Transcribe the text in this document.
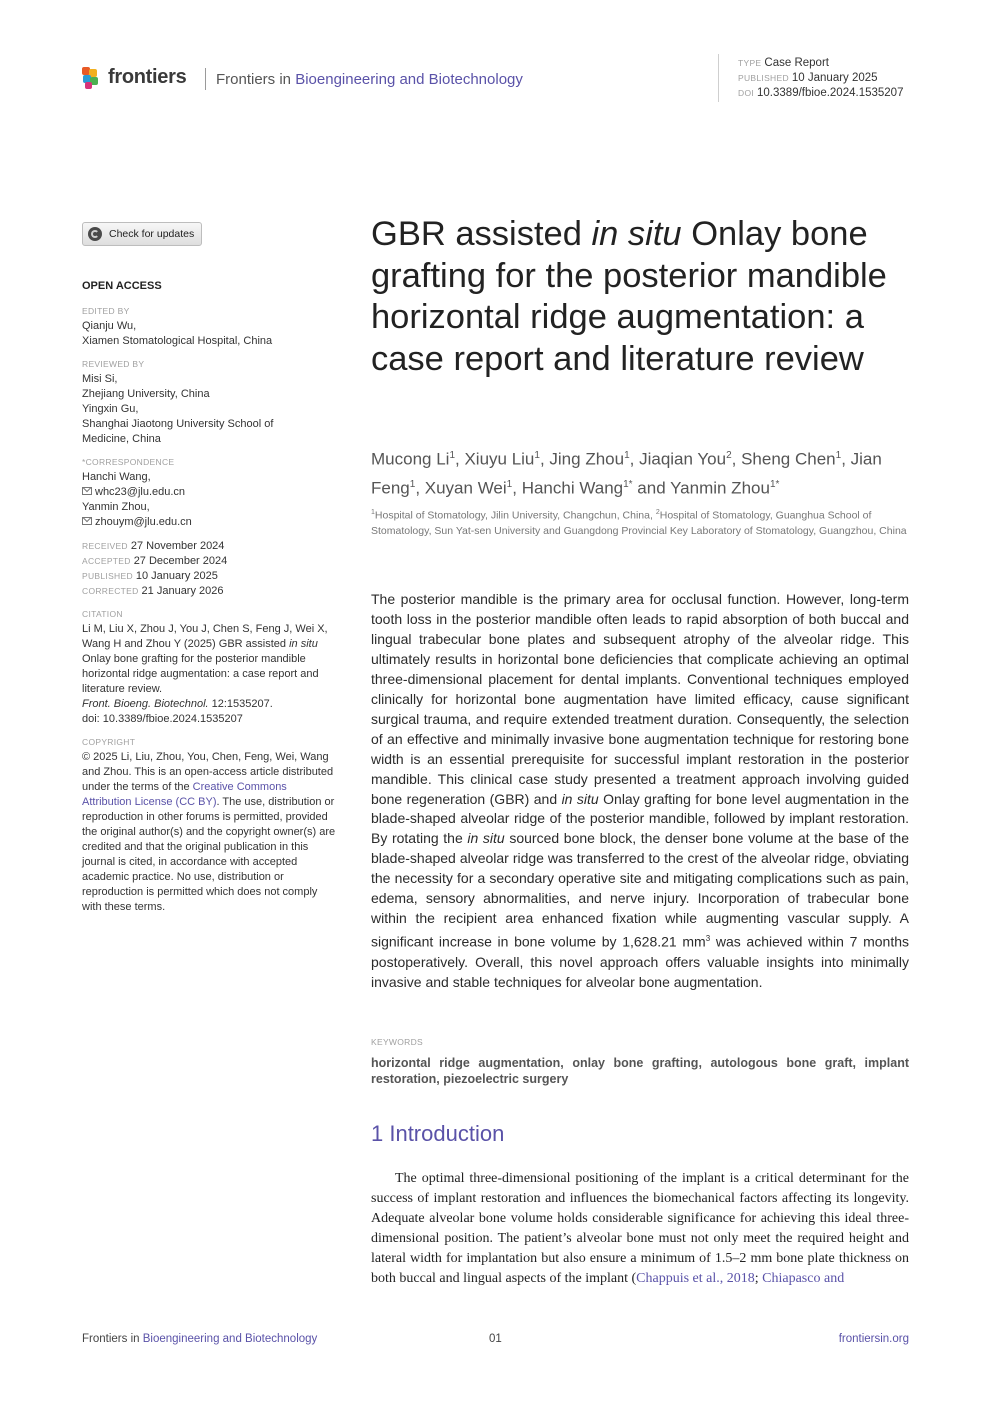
frontiers Frontiers in Bioengineering and Biotechnology
TYPE Case Report
PUBLISHED 10 January 2025
DOI 10.3389/fbioe.2024.1535207
Check for updates
OPEN ACCESS
EDITED BY
Qianju Wu,
Xiamen Stomatological Hospital, China
REVIEWED BY
Misi Si,
Zhejiang University, China
Yingxin Gu,
Shanghai Jiaotong University School of
Medicine, China
*CORRESPONDENCE
Hanchi Wang,
whc23@jlu.edu.cn
Yanmin Zhou,
zhouym@jlu.edu.cn
RECEIVED 27 November 2024
ACCEPTED 27 December 2024
PUBLISHED 10 January 2025
CORRECTED 21 January 2026
CITATION
Li M, Liu X, Zhou J, You J, Chen S, Feng J, Wei X, Wang H and Zhou Y (2025) GBR assisted in situ Onlay bone grafting for the posterior mandible horizontal ridge augmentation: a case report and literature review.
Front. Bioeng. Biotechnol. 12:1535207.
doi: 10.3389/fbioe.2024.1535207
COPYRIGHT
© 2025 Li, Liu, Zhou, You, Chen, Feng, Wei, Wang and Zhou. This is an open-access article distributed under the terms of the Creative Commons Attribution License (CC BY). The use, distribution or reproduction in other forums is permitted, provided the original author(s) and the copyright owner(s) are credited and that the original publication in this journal is cited, in accordance with accepted academic practice. No use, distribution or reproduction is permitted which does not comply with these terms.
GBR assisted in situ Onlay bone grafting for the posterior mandible horizontal ridge augmentation: a case report and literature review
Mucong Li$^1$, Xiuyu Liu$^1$, Jing Zhou$^1$, Jiaqian You$^2$, Sheng Chen$^1$, Jian Feng$^1$, Xuyan Wei$^1$, Hanchi Wang$^{1*}$ and Yanmin Zhou$^{1*}$
$^1$Hospital of Stomatology, Jilin University, Changchun, China, $^2$Hospital of Stomatology, Guanghua School of Stomatology, Sun Yat-sen University and Guangdong Provincial Key Laboratory of Stomatology, Guangzhou, China
The posterior mandible is the primary area for occlusal function. However, long-term tooth loss in the posterior mandible often leads to rapid absorption of both buccal and lingual trabecular bone plates and subsequent atrophy of the alveolar ridge. This ultimately results in horizontal bone deficiencies that complicate achieving an optimal three-dimensional placement for dental implants. Conventional techniques employed clinically for horizontal bone augmentation have limited efficacy, cause significant surgical trauma, and require extended treatment duration. Consequently, the selection of an effective and minimally invasive bone augmentation technique for restoring bone width is an essential prerequisite for successful implant restoration in the posterior mandible. This clinical case study presented a treatment approach involving guided bone regeneration (GBR) and in situ Onlay grafting for bone level augmentation in the blade-shaped alveolar ridge of the posterior mandible, followed by implant restoration. By rotating the in situ sourced bone block, the denser bone volume at the base of the blade-shaped alveolar ridge was transferred to the crest of the alveolar ridge, obviating the necessity for a secondary operative site and mitigating complications such as pain, edema, sensory abnormalities, and nerve injury. Incorporation of trabecular bone within the recipient area enhanced fixation while augmenting vascular supply. A significant increase in bone volume by 1,628.21 $mm^3$ was achieved within 7 months postoperatively. Overall, this novel approach offers valuable insights into minimally invasive and stable techniques for alveolar bone augmentation.
KEYWORDS
horizontal ridge augmentation, onlay bone grafting, autologous bone graft, implant restoration, piezoelectric surgery
1 Introduction
The optimal three-dimensional positioning of the implant is a critical determinant for the success of implant restoration and influences the biomechanical factors affecting its longevity. Adequate alveolar bone volume holds considerable significance for achieving this ideal three-dimensional position. The patient’s alveolar bone must not only meet the required height and lateral width for implantation but also ensure a minimum of 1.5–2 mm bone plate thickness on both buccal and lingual aspects of the implant (Chappuis et al., 2018; Chiapasco and
Frontiers in Bioengineering and Biotechnology	01	frontiersin.org
